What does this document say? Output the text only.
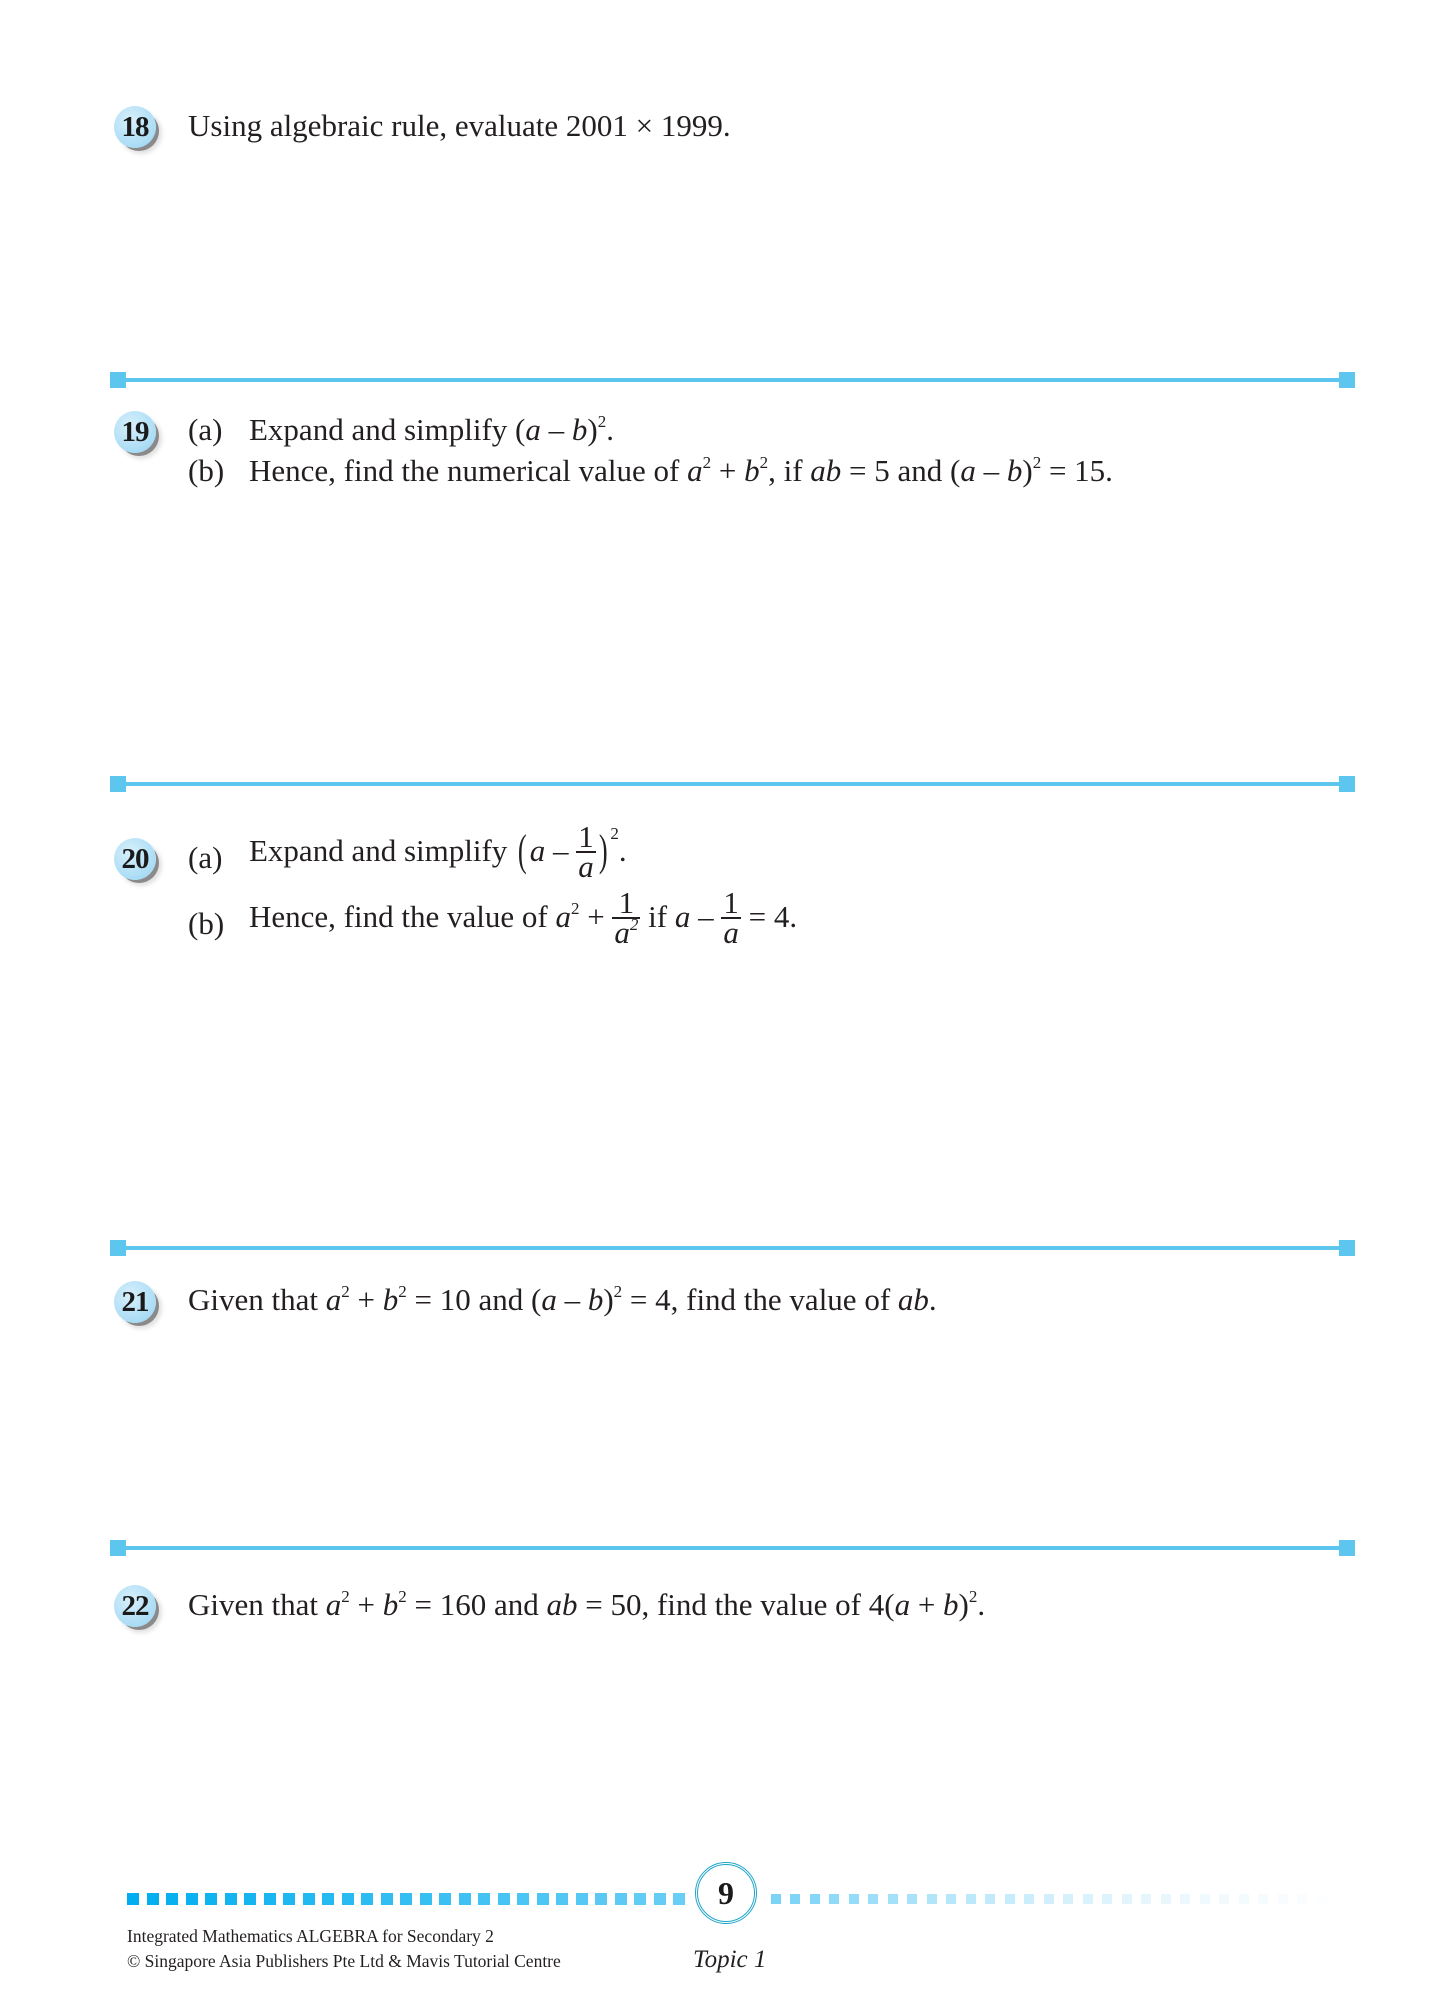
18 Using algebraic rule, evaluate 2001 × 1999.
19 (a) Expand and simplify (a – b)$^2$.
(b) Hence, find the numerical value of $a^2 + b^2$, if ab = 5 and (a – b)$^2$ = 15.
20 (a) Expand and simplify ($a - \frac{1}{a}$ ) $^2$.
(b) Hence, find the value of $a^2 + \frac{1}{a^2}$ if $a - \frac{1}{a} = 4$.
21 Given that $a^2 + b^2 = 10$ and (a – b)$^2$ = 4, find the value of ab.
22 Given that $a^2 + b^2 = 160$ and ab = 50, find the value of $4(a + b)^2$.
9
Topic 1
Integrated Mathematics ALGEBRA for Secondary 2
© Singapore Asia Publishers Pte Ltd & Mavis Tutorial Centre
